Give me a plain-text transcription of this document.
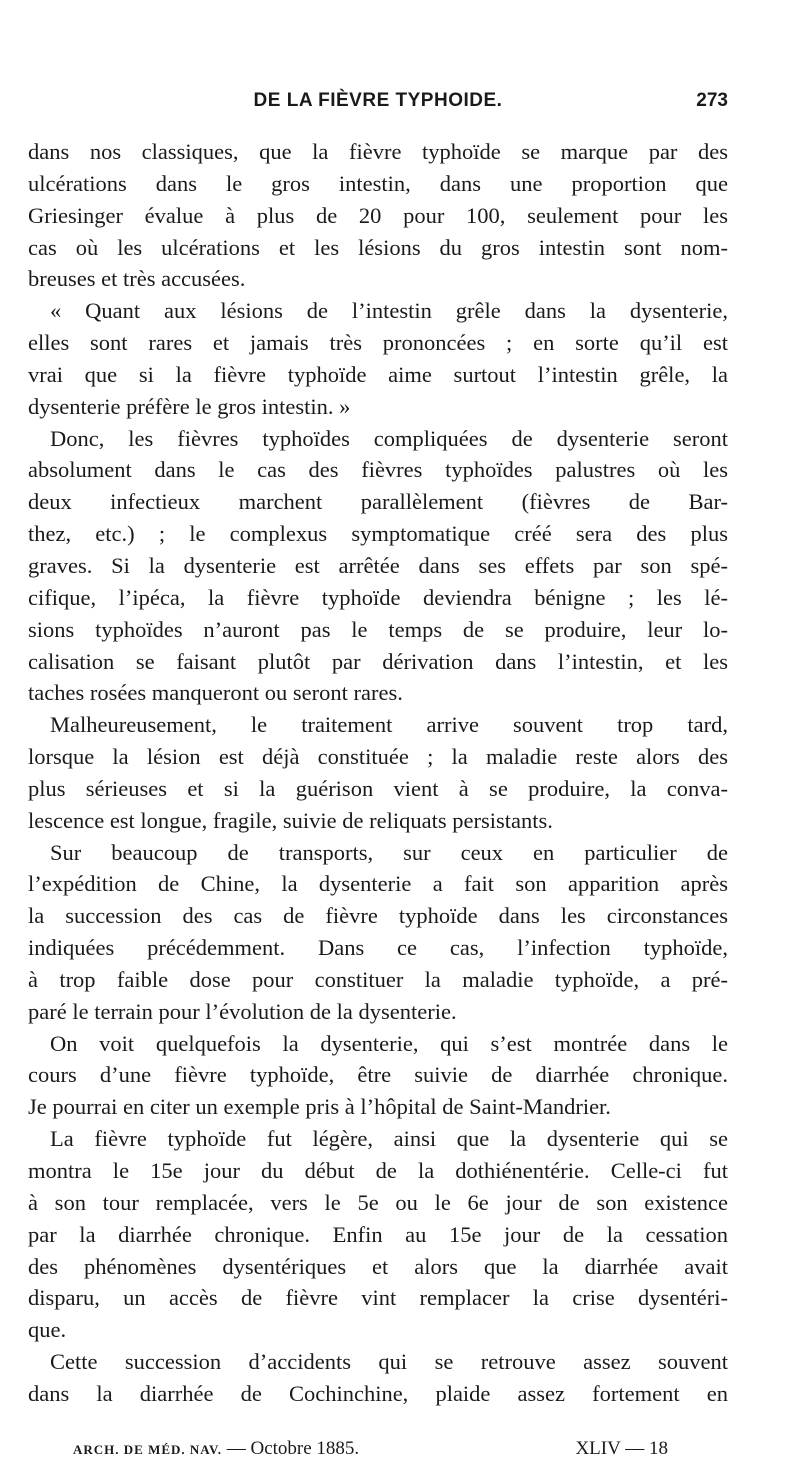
DE LA FIÈVRE TYPHOIDE.	273
dans nos classiques, que la fièvre typhoïde se marque par des
ulcérations dans le gros intestin, dans une proportion que
Griesinger évalue à plus de 20 pour 100, seulement pour les
cas où les ulcérations et les lésions du gros intestin sont nom-
breuses et très accusées.
« Quant aux lésions de l’intestin grêle dans la dysenterie,
elles sont rares et jamais très prononcées ; en sorte qu’il est
vrai que si la fièvre typhoïde aime surtout l’intestin grêle, la
dysenterie préfère le gros intestin. »
Donc, les fièvres typhoïdes compliquées de dysenterie seront
absolument dans le cas des fièvres typhoïdes palustres où les
deux infectieux marchent parallèlement (fièvres de Bar-
thez, etc.) ; le complexus symptomatique créé sera des plus
graves. Si la dysenterie est arrêtée dans ses effets par son spé-
cifique, l’ipéca, la fièvre typhoïde deviendra bénigne ; les lé-
sions typhoïdes n’auront pas le temps de se produire, leur lo-
calisation se faisant plutôt par dérivation dans l’intestin, et les
taches rosées manqueront ou seront rares.
Malheureusement, le traitement arrive souvent trop tard,
lorsque la lésion est déjà constituée ; la maladie reste alors des
plus sérieuses et si la guérison vient à se produire, la conva-
lescence est longue, fragile, suivie de reliquats persistants.
Sur beaucoup de transports, sur ceux en particulier de
l’expédition de Chine, la dysenterie a fait son apparition après
la succession des cas de fièvre typhoïde dans les circonstances
indiquées précédemment. Dans ce cas, l’infection typhoïde,
à trop faible dose pour constituer la maladie typhoïde, a pré-
paré le terrain pour l’évolution de la dysenterie.
On voit quelquefois la dysenterie, qui s’est montrée dans le
cours d’une fièvre typhoïde, être suivie de diarrhée chronique.
Je pourrai en citer un exemple pris à l’hôpital de Saint-Mandrier.
La fièvre typhoïde fut légère, ainsi que la dysenterie qui se
montra le 15e jour du début de la dothiénentérie. Celle-ci fut
à son tour remplacée, vers le 5e ou le 6e jour de son existence
par la diarrhée chronique. Enfin au 15e jour de la cessation
des phénomènes dysentériques et alors que la diarrhée avait
disparu, un accès de fièvre vint remplacer la crise dysentéri-
que.
Cette succession d’accidents qui se retrouve assez souvent
dans la diarrhée de Cochinchine, plaide assez fortement en
ARCH. DE MÉD. NAV. — Octobre 1885.	XLIV — 18
